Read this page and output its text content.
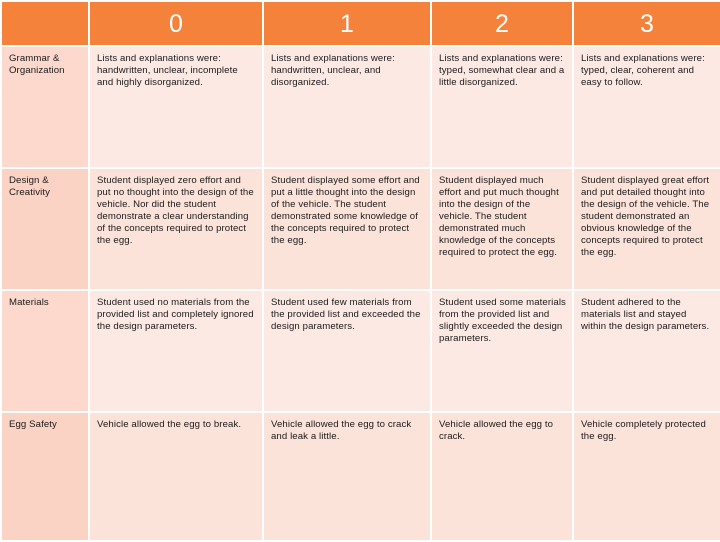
	0	1	2	3
Grammar & Organization	Lists and explanations were: handwritten, unclear, incomplete and highly disorganized.	Lists and explanations were: handwritten, unclear, and disorganized.	Lists and explanations were: typed, somewhat clear and a little disorganized.	Lists and explanations were: typed, clear, coherent and easy to follow.
Design & Creativity	Student displayed zero effort and put no thought into the design of the vehicle. Nor did the student demonstrate a clear understanding of the concepts required to protect the egg.	Student displayed some effort and put a little thought into the design of the vehicle. The student demonstrated some knowledge of the concepts required to protect the egg.	Student displayed much effort and put much thought into the design of the vehicle. The student demonstrated much knowledge of the concepts required to protect the egg.	Student displayed great effort and put detailed thought into the design of the vehicle. The student demonstrated an obvious knowledge of the concepts required to protect the egg.
Materials	Student used no materials from the provided list and completely ignored the design parameters.	Student used few materials from the provided list and exceeded the design parameters.	Student used some materials from the provided list and slightly exceeded the design parameters.	Student adhered to the materials list and stayed within the design parameters.
Egg Safety	Vehicle allowed the egg to break.	Vehicle allowed the egg to crack and leak a little.	Vehicle allowed the egg to crack.	Vehicle completely protected the egg.
